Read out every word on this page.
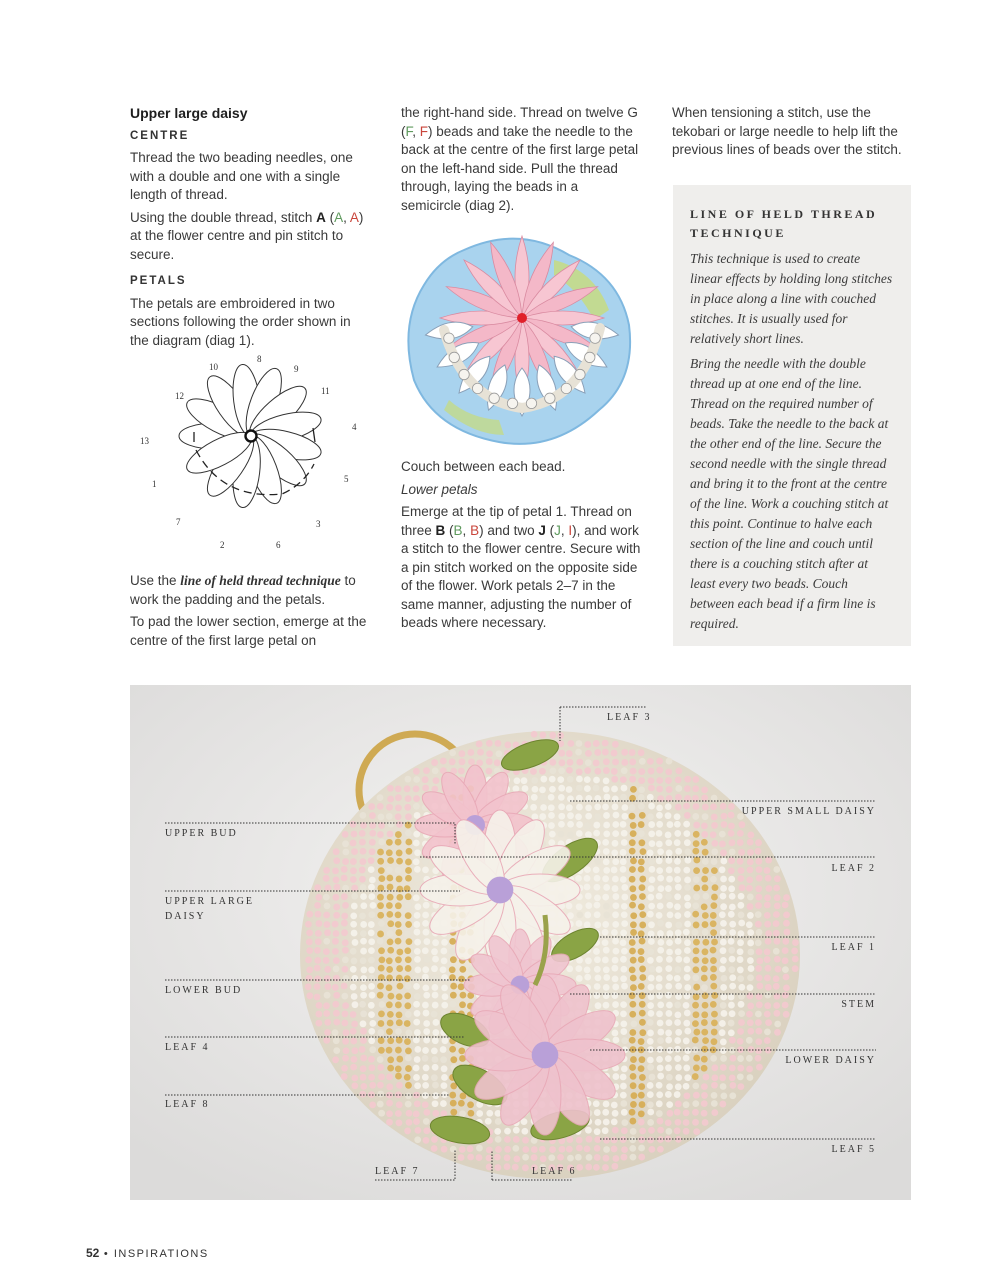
Upper large daisy

CENTRE

Thread the two beading needles, one with a double and one with a single length of thread.

Using the double thread, stitch A (A, A) at the flower centre and pin stitch to secure.

PETALS

The petals are embroidered in two sections following the order shown in the diagram (diag 1).

1
2
3
4
5
6
7
8
9
10
11
12
13

Use the line of held thread technique to work the padding and the petals.

To pad the lower section, emerge at the centre of the first large petal on

the right-hand side. Thread on twelve G (F, F) beads and take the needle to the back at the centre of the first large petal on the left-hand side. Pull the thread through, laying the beads in a semicircle (diag 2).

Couch between each bead.

Lower petals

Emerge at the tip of petal 1. Thread on three B (B, B) and two J (J, I), and work a stitch to the flower centre. Secure with a pin stitch worked on the opposite side of the flower. Work petals 2–7 in the same manner, adjusting the number of beads where necessary.

When tensioning a stitch, use the tekobari or large needle to help lift the previous lines of beads over the stitch.

LINE OF HELD THREAD TECHNIQUE

This technique is used to create linear effects by holding long stitches in place along a line with couched stitches. It is usually used for relatively short lines.

Bring the needle with the double thread up at one end of the line. Thread on the required number of beads. Take the needle to the back at the other end of the line. Secure the second needle with the single thread and bring it to the front at the centre of the line. Work a couching stitch at this point. Continue to halve each section of the line and couch until there is a couching stitch after at least every two beads. Couch between each bead if a firm line is required.

LEAF 3
UPPER SMALL DAISY
UPPER BUD
LEAF 2
UPPER LARGE DAISY
LEAF 1
LOWER BUD
STEM
LEAF 4
LOWER DAISY
LEAF 8
LEAF 5
LEAF 7	LEAF 6
52 • INSPIRATIONS
